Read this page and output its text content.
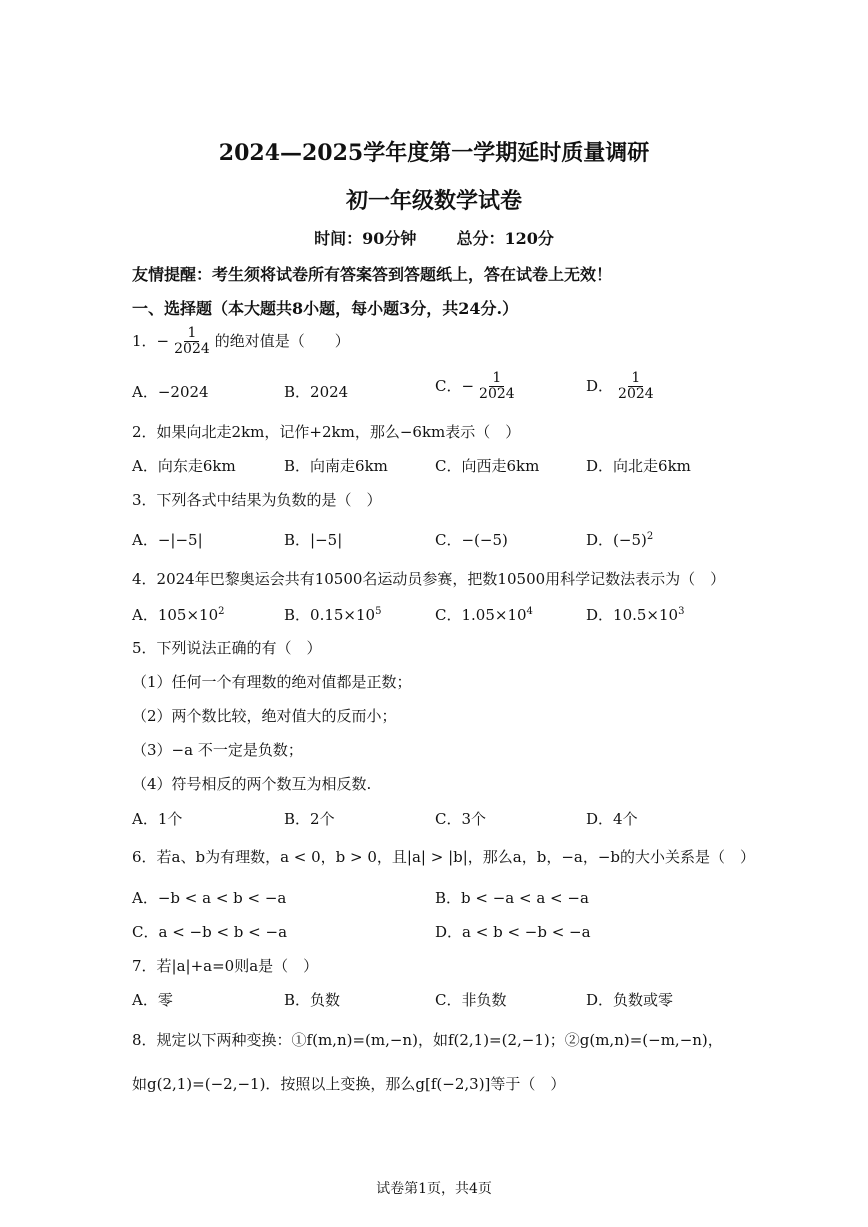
2024—2025学年度第一学期延时质量调研
初一年级数学试卷
时间：90分钟	总分：120分
友情提醒：考生须将试卷所有答案答到答题纸上，答在试卷上无效！
一、选择题（本大题共8小题，每小题3分，共24分.）
1．− $\frac{1}{2024}$ 的绝对值是（　　）
A．−2024	B．2024	C．− $\frac{1}{2024}$	D． $\frac{1}{2024}$
2．如果向北走2km，记作+2km，那么−6km表示（　）
A．向东走6km	B．向南走6km	C．向西走6km	D．向北走6km
3．下列各式中结果为负数的是（　）
A．−|−5|	B．|−5|	C．−(−5)	D．$(-5)^2$
4．2024年巴黎奥运会共有10500名运动员参赛，把数10500用科学记数法表示为（　）
A．$105\times 10^2$	B．$0.15\times 10^5$	C．$1.05\times 10^4$	D．$10.5\times 10^3$
5．下列说法正确的有（　）
（1）任何一个有理数的绝对值都是正数；
（2）两个数比较，绝对值大的反而小；
（3）−a 不一定是负数；
（4）符号相反的两个数互为相反数.
A．1个	B．2个	C．3个	D．4个
6．若a、b为有理数，a < 0，b > 0，且|a| > |b|，那么a，b，−a，−b的大小关系是（　）
A．−b < a < b < −a	B．b < −a < a < −a
C．a < −b < b < −a	D．a < b < −b < −a
7．若|a|+a=0则a是（　）
A．零	B．负数	C．非负数	D．负数或零
8．规定以下两种变换：①f(m,n)=(m,−n)，如f(2,1)=(2,−1)；②g(m,n)=(−m,−n)，
如g(2,1)=(−2,−1)．按照以上变换，那么g[f(−2,3)]等于（　）
试卷第1页，共4页
